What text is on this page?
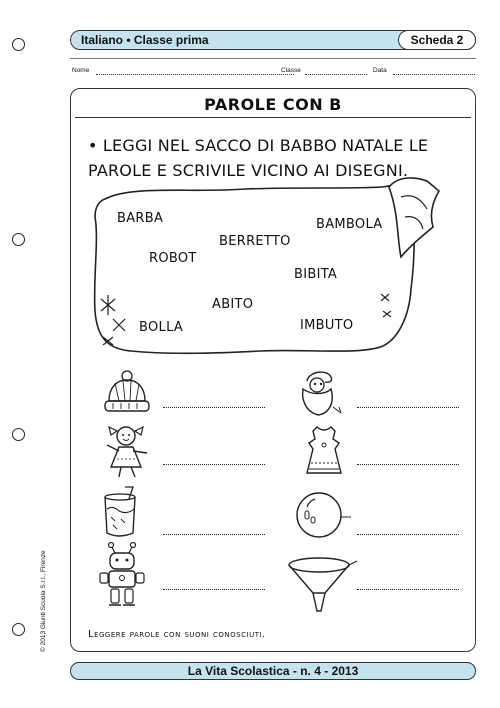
Italiano • Classe prima	Scheda 2
Nome	Classe	Data
PAROLE CON B
• LEGGI NEL SACCO DI BABBO NATALE LE PAROLE E SCRIVILE VICINO AI DISEGNI.
BARBA
BERRETTO
BAMBOLA
ROBOT
BIBITA
ABITO
BOLLA	IMBUTO
Leggere parole con suoni conosciuti.
© 2013 Giunti Scuola S.r.l., Firenze
La Vita Scolastica - n. 4 - 2013
